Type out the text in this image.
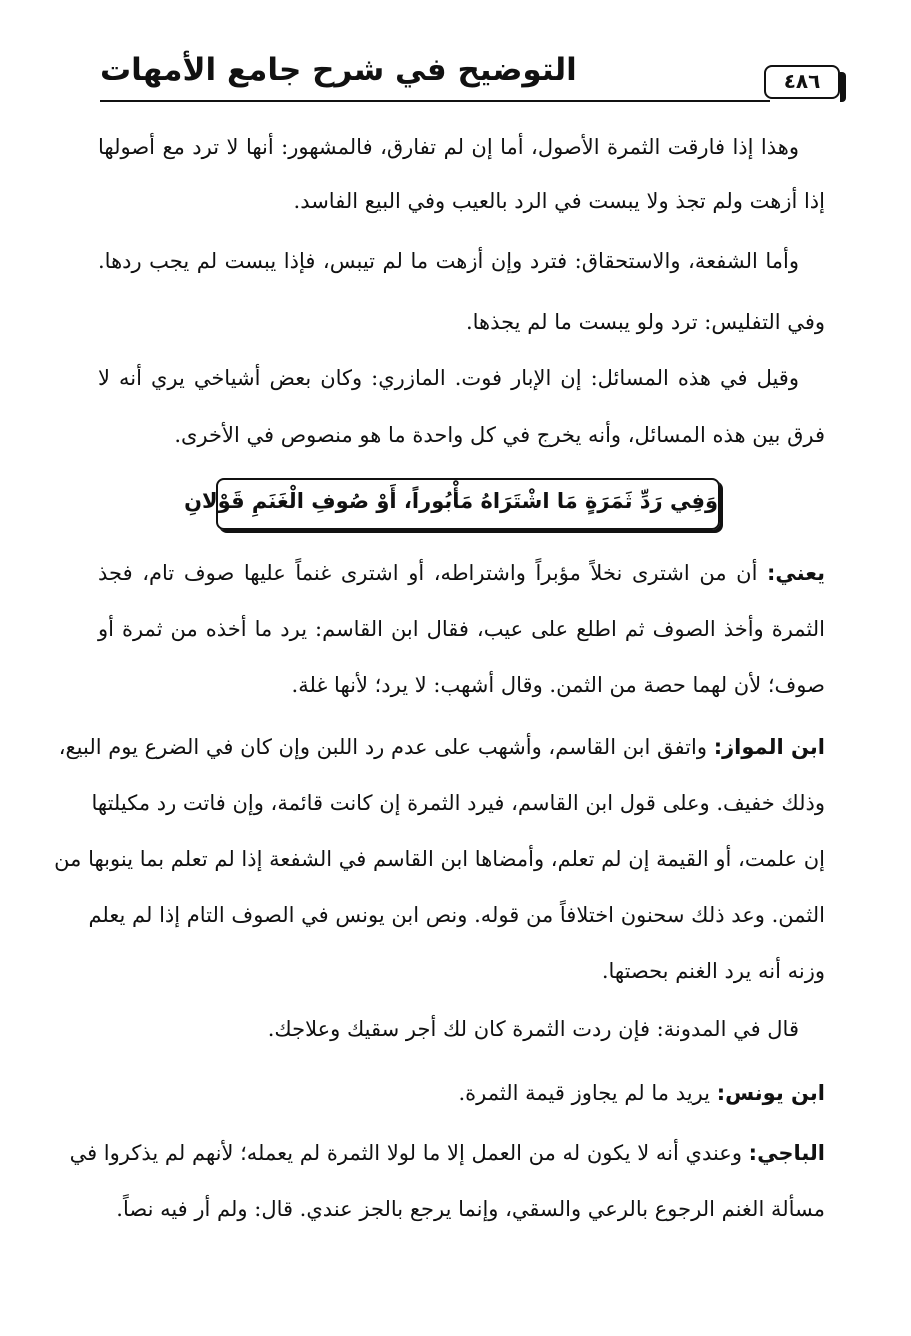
التوضيح في شرح جامع الأمهات	٤٨٦
وهذا إذا فارقت الثمرة الأصول، أما إن لم تفارق، فالمشهور: أنها لا ترد مع أصولها
إذا أزهت ولم تجذ ولا يبست في الرد بالعيب وفي البيع الفاسد.
وأما الشفعة، والاستحقاق: فترد وإن أزهت ما لم تيبس، فإذا يبست لم يجب ردها.
وفي التفليس: ترد ولو يبست ما لم يجذها.
وقيل في هذه المسائل: إن الإبار فوت. المازري: وكان بعض أشياخي يري أنه لا
فرق بين هذه المسائل، وأنه يخرج في كل واحدة ما هو منصوص في الأخرى.
وَفِي رَدِّ ثَمَرَةٍ مَا اشْتَرَاهُ مَأْبُوراً، أَوْ صُوفِ الْغَنَمِ قَوْلانِ
يعني: أن من اشترى نخلاً مؤبراً واشتراطه، أو اشترى غنماً عليها صوف تام، فجذ
الثمرة وأخذ الصوف ثم اطلع على عيب، فقال ابن القاسم: يرد ما أخذه من ثمرة أو
صوف؛ لأن لهما حصة من الثمن. وقال أشهب: لا يرد؛ لأنها غلة.
ابن المواز: واتفق ابن القاسم، وأشهب على عدم رد اللبن وإن كان في الضرع يوم البيع،
وذلك خفيف. وعلى قول ابن القاسم، فيرد الثمرة إن كانت قائمة، وإن فاتت رد مكيلتها
إن علمت، أو القيمة إن لم تعلم، وأمضاها ابن القاسم في الشفعة إذا لم تعلم بما ينوبها من
الثمن. وعد ذلك سحنون اختلافاً من قوله. ونص ابن يونس في الصوف التام إذا لم يعلم
وزنه أنه يرد الغنم بحصتها.
قال في المدونة: فإن ردت الثمرة كان لك أجر سقيك وعلاجك.
ابن يونس: يريد ما لم يجاوز قيمة الثمرة.
الباجي: وعندي أنه لا يكون له من العمل إلا ما لولا الثمرة لم يعمله؛ لأنهم لم يذكروا في
مسألة الغنم الرجوع بالرعي والسقي، وإنما يرجع بالجز عندي. قال: ولم أر فيه نصاً.
